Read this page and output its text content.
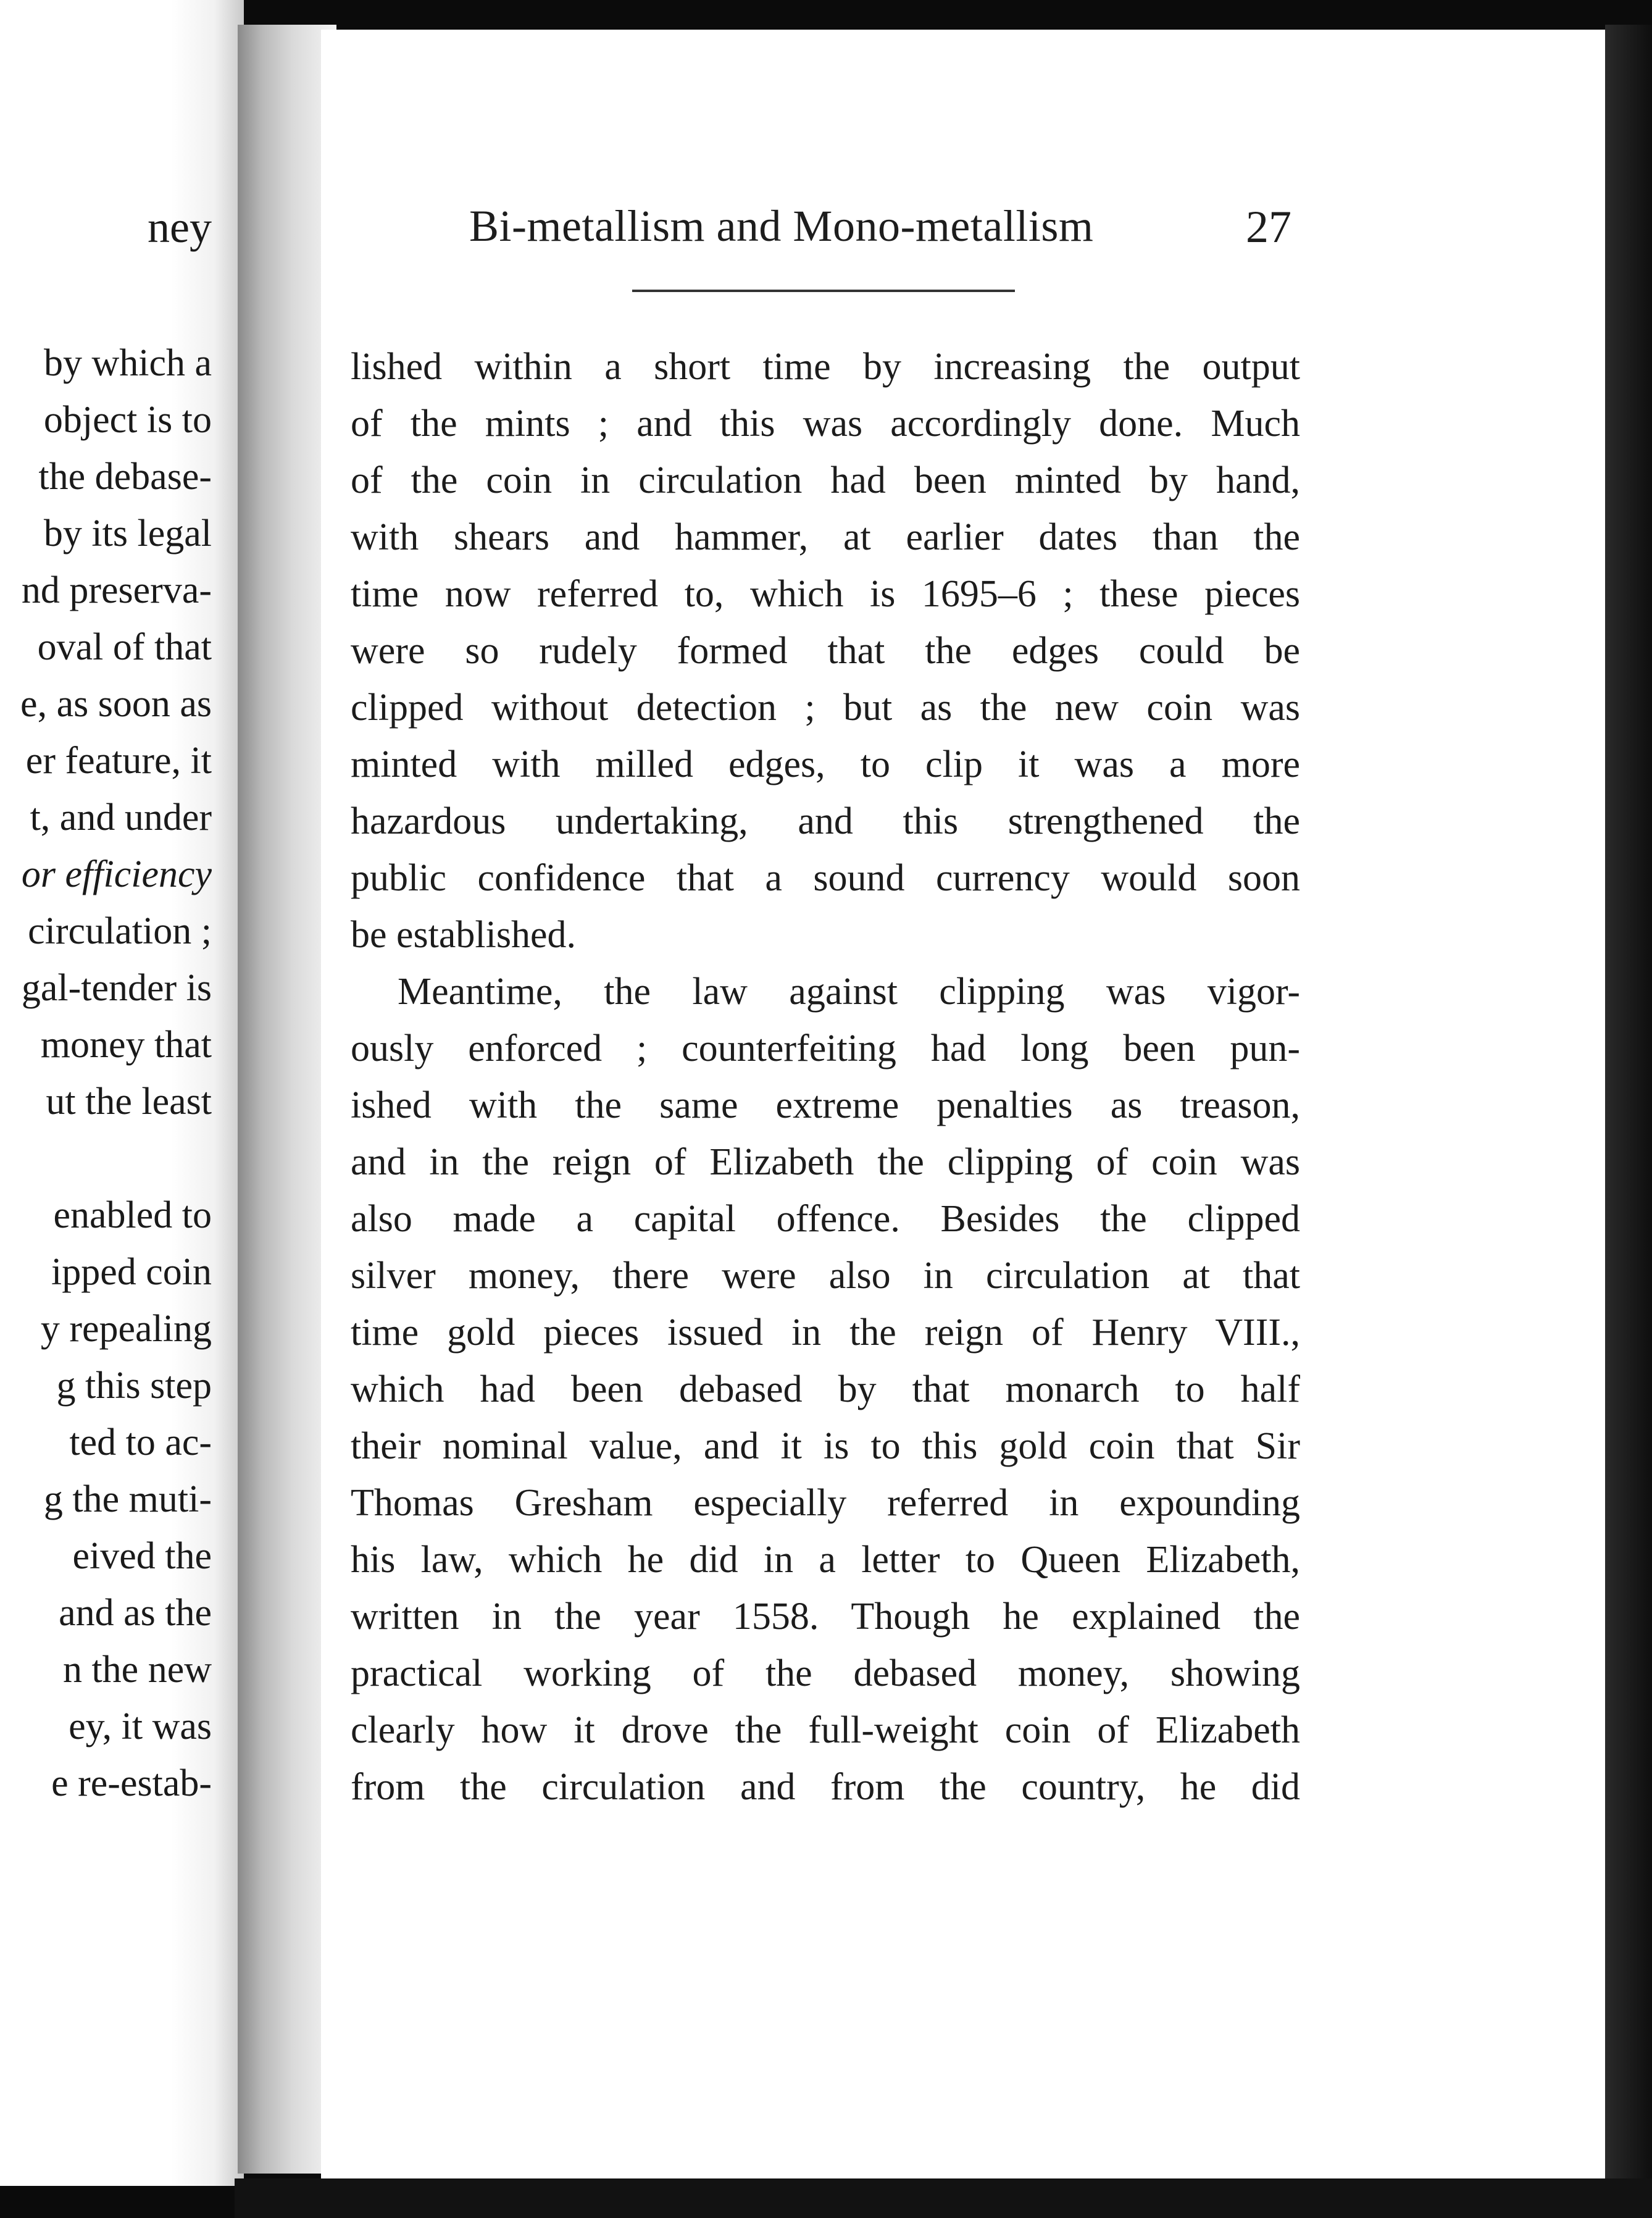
ney

by which a

object is to

the debase-

by its legal

nd preserva-

oval of that

e, as soon as

er feature, it

t, and under

or efficiency

circulation ;

gal-tender is

money that

ut the least

enabled to

ipped coin

y repealing

g this step

ted to ac-

g the muti-

eived the

and as the

n the new

ey, it was

e re-estab-

Bi-metallism and Mono-metallism	27

lished within a short time by increasing the output
of the mints ; and this was accordingly done. Much
of the coin in circulation had been minted by hand,
with shears and hammer, at earlier dates than the
time now referred to, which is 1695–6 ; these pieces
were so rudely formed that the edges could be
clipped without detection ; but as the new coin was
minted with milled edges, to clip it was a more
hazardous undertaking, and this strengthened the
public confidence that a sound currency would soon
be established.
Meantime, the law against clipping was vigor-
ously enforced ; counterfeiting had long been pun-
ished with the same extreme penalties as treason,
and in the reign of Elizabeth the clipping of coin was
also made a capital offence. Besides the clipped
silver money, there were also in circulation at that
time gold pieces issued in the reign of Henry VIII.,
which had been debased by that monarch to half
their nominal value, and it is to this gold coin that Sir
Thomas Gresham especially referred in expounding
his law, which he did in a letter to Queen Elizabeth,
written in the year 1558. Though he explained the
practical working of the debased money, showing
clearly how it drove the full-weight coin of Elizabeth
from the circulation and from the country, he did
